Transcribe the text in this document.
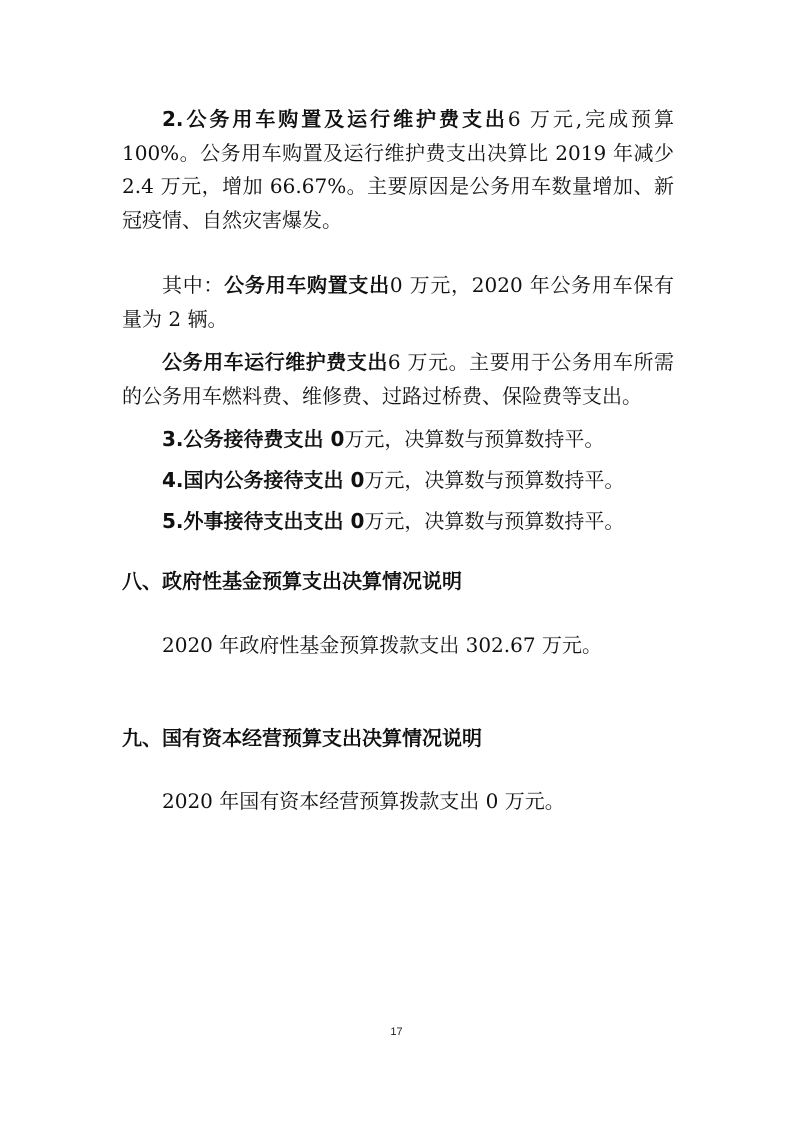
2.公务用车购置及运行维护费支出6 万元,完成预算 100%。公务用车购置及运行维护费支出决算比 2019 年减少 2.4 万元，增加 66.67%。主要原因是公务用车数量增加、新冠疫情、自然灾害爆发。

其中：公务用车购置支出0 万元，2020 年公务用车保有量为 2 辆。

公务用车运行维护费支出6 万元。主要用于公务用车所需的公务用车燃料费、维修费、过路过桥费、保险费等支出。

3.公务接待费支出 0万元，决算数与预算数持平。

4.国内公务接待支出 0万元，决算数与预算数持平。

5.外事接待支出支出 0万元，决算数与预算数持平。

八、政府性基金预算支出决算情况说明

2020 年政府性基金预算拨款支出 302.67 万元。

九、国有资本经营预算支出决算情况说明

2020 年国有资本经营预算拨款支出 0 万元。

17
